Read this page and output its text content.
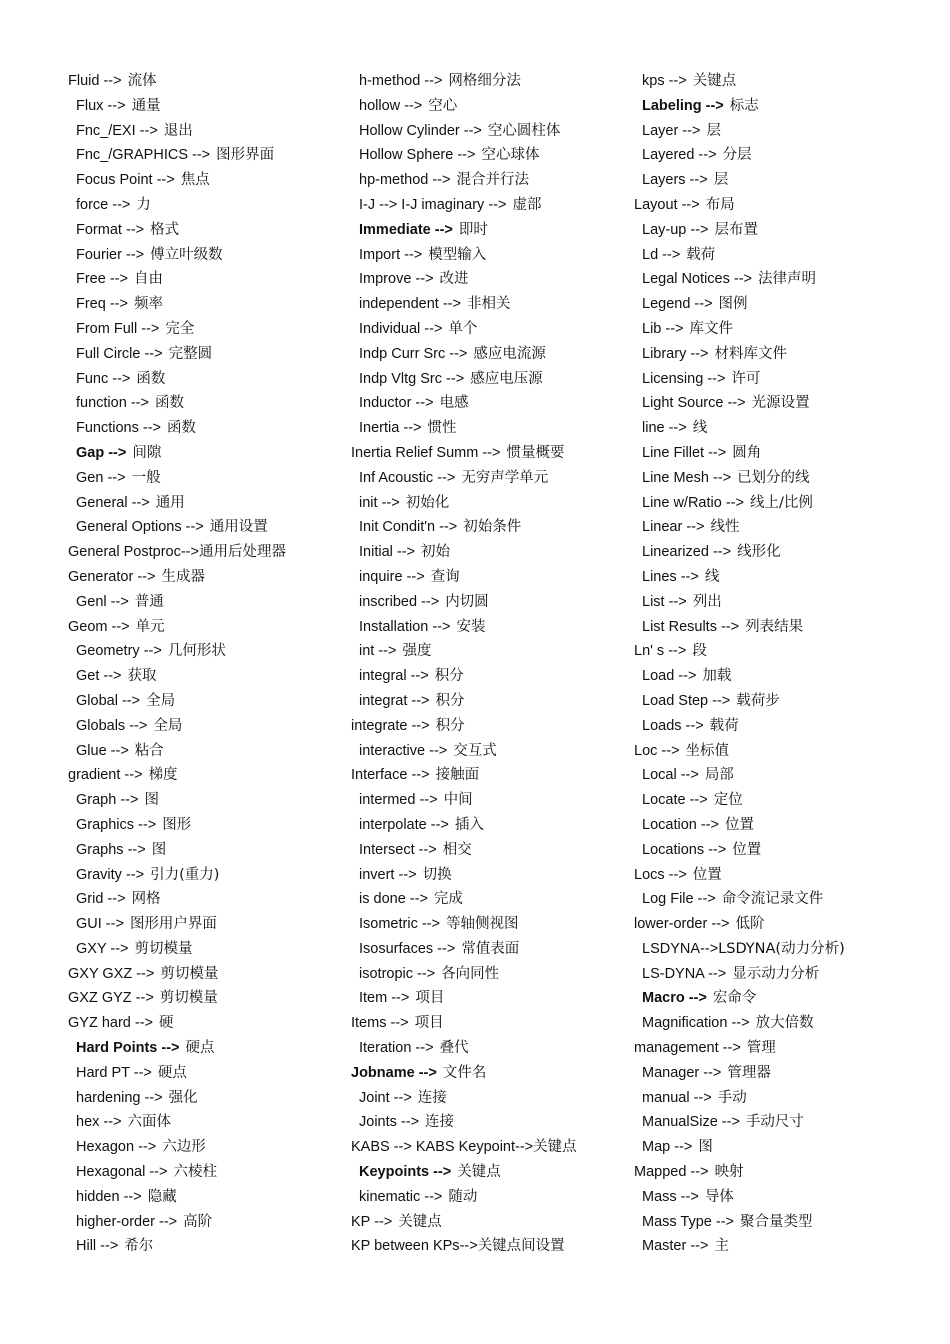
Fluid --> 流体
Flux --> 通量
Fnc_/EXI --> 退出
Fnc_/GRAPHICS --> 图形界面
Focus Point --> 焦点
force --> 力
Format --> 格式
Fourier --> 傅立叶级数
Free --> 自由
Freq --> 频率
From Full --> 完全
Full Circle --> 完整圆
Func --> 函数
function --> 函数
Functions --> 函数
Gap --> 间隙
Gen --> 一般
General --> 通用
General Options --> 通用设置
General Postproc-->通用后处理器
Generator --> 生成器
Genl --> 普通
Geom --> 单元
Geometry --> 几何形状
Get --> 获取
Global --> 全局
Globals --> 全局
Glue --> 粘合
gradient --> 梯度
Graph --> 图
Graphics --> 图形
Graphs --> 图
Gravity --> 引力(重力)
Grid --> 网格
GUI --> 图形用户界面
GXY --> 剪切模量
GXY GXZ --> 剪切模量
GXZ GYZ --> 剪切模量
GYZ hard --> 硬
Hard Points --> 硬点
Hard PT --> 硬点
hardening --> 强化
hex --> 六面体
Hexagon --> 六边形
Hexagonal --> 六棱柱
hidden --> 隐藏
higher-order --> 高阶
Hill --> 希尔
h-method --> 网格细分法
hollow --> 空心
Hollow Cylinder --> 空心圆柱体
Hollow Sphere --> 空心球体
hp-method --> 混合并行法
I-J --> I-J imaginary --> 虚部
Immediate --> 即时
Import --> 模型输入
Improve --> 改进
independent --> 非相关
Individual --> 单个
Indp Curr Src --> 感应电流源
Indp Vltg Src --> 感应电压源
Inductor --> 电感
Inertia --> 惯性
Inertia Relief Summ --> 惯量概要
Inf Acoustic --> 无穷声学单元
init --> 初始化
Init Condit'n --> 初始条件
Initial --> 初始
inquire --> 查询
inscribed --> 内切圆
Installation --> 安装
int --> 强度
integral --> 积分
integrat --> 积分
integrate --> 积分
interactive --> 交互式
Interface --> 接触面
intermed --> 中间
interpolate --> 插入
Intersect --> 相交
invert --> 切换
is done --> 完成
Isometric --> 等轴侧视图
Isosurfaces --> 常值表面
isotropic --> 各向同性
Item --> 项目
Items --> 项目
Iteration --> 叠代
Jobname --> 文件名
Joint --> 连接
Joints --> 连接
KABS --> KABS Keypoint-->关键点
Keypoints --> 关键点
kinematic --> 随动
KP --> 关键点
KP between KPs-->关键点间设置
kps --> 关键点
Labeling --> 标志
Layer --> 层
Layered --> 分层
Layers --> 层
Layout --> 布局
Lay-up --> 层布置
Ld --> 载荷
Legal Notices --> 法律声明
Legend --> 图例
Lib --> 库文件
Library --> 材料库文件
Licensing --> 许可
Light Source --> 光源设置
line --> 线
Line Fillet --> 圆角
Line Mesh --> 已划分的线
Line w/Ratio --> 线上/比例
Linear --> 线性
Linearized --> 线形化
Lines --> 线
List --> 列出
List Results --> 列表结果
Ln' s --> 段
Load --> 加载
Load Step --> 载荷步
Loads --> 载荷
Loc --> 坐标值
Local --> 局部
Locate --> 定位
Location --> 位置
Locations --> 位置
Locs --> 位置
Log File --> 命令流记录文件
lower-order --> 低阶
LSDYNA-->LSDYNA(动力分析)
LS-DYNA --> 显示动力分析
Macro --> 宏命令
Magnification --> 放大倍数
management --> 管理
Manager --> 管理器
manual --> 手动
ManualSize --> 手动尺寸
Map --> 图
Mapped --> 映射
Mass --> 导体
Mass Type --> 聚合量类型
Master --> 主
